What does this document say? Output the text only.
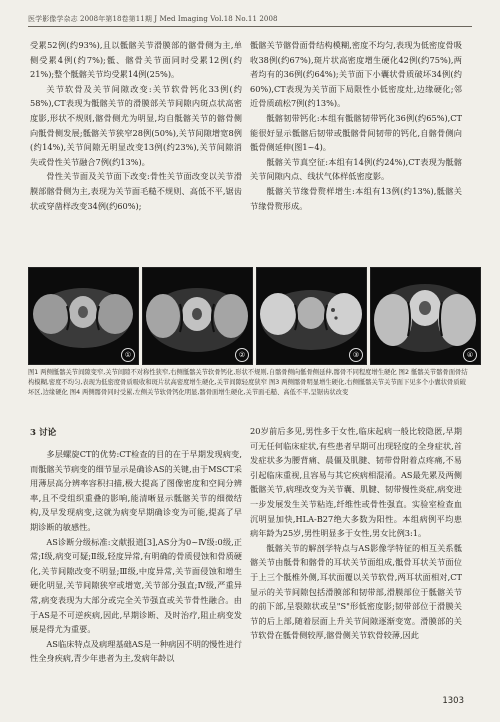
医学影像学杂志 2008年第18卷第11期 J Med Imaging Vol.18 No.11 2008

受累52例(约93%),且以骶髂关节滑膜部的髂骨侧为主,单侧受累4例(约7%);骶、髂骨关节面同时受累12例(约21%);整个骶髂关节均受累14例(25%)。

关节软骨及关节间隙改变:关节软骨钙化33例(约58%),CT表现为骶髂关节的滑膜部关节间隙内斑点状高密度影,形状不规则,髂骨侧尤为明显,均自骶髂关节的髂骨侧向骶骨侧发展;骶髂关节狭窄28例(50%),关节间隙增宽8例(约14%),关节间隙无明显改变13例(约23%),关节间隙消失或骨性关节融合7例(约13%)。

骨性关节面及关节面下改变:骨性关节面改变以关节滑膜部髂骨侧为主,表现为关节面毛糙不规则、高低不平,锯齿状或穿凿样改变34例(约60%);

骶髂关节髂骨面骨结构模糊,密度不均匀,表现为低密度骨吸收38例(约67%),斑片状高密度增生硬化42例(约75%),两者均有的36例(约64%);关节面下小囊状骨质破坏34例(约60%),CT表现为关节面下局限性小低密度灶,边缘硬化;邻近骨质疏松7例(约13%)。

骶髂韧带钙化:本组有骶髂韧带钙化36例(约65%),CT能很好显示骶髂后韧带或骶髂骨间韧带的钙化,自髂骨侧向骶骨侧延伸(图1~4)。

骶髂关节真空征:本组有14例(约24%),CT表现为骶髂关节间隙内点、线状气体样低密度影。

骶髂关节缘骨赘样增生:本组有13例(约13%),骶髂关节缘骨赘形成。

①	②	③	④
图1 两侧骶髂关节间隙变窄,关节间隙不对称性狭窄,右侧骶髂关节软骨钙化,形状不规则,自髂骨侧向骶骨侧延伸,髂骨不同程度增生硬化 图2 骶髂关节髂骨面骨结构模糊,密度不均匀,表现为低密度骨质吸收和斑片状高密度增生硬化,关节间隙轻度狭窄 图3 两侧髂骨明显增生硬化,右侧骶髂关节关节面下见多个小囊状骨质破坏区,边缘硬化 图4 两侧髂骨同时受累,左侧关节软骨钙化明显,髂骨面增生硬化,关节面毛糙、高低不平,呈锯齿状改变
3 讨论

多层螺旋CT的优势:CT检查的目的在于早期发现病变,而骶髂关节病变的细节显示是确诊AS的关键,由于MSCT采用薄层高分辨率容积扫描,极大提高了图像密度和空间分辨率,且不受组织重叠的影响,能清晰显示骶髂关节的细微结构,及早发现病变,这就为病变早期确诊变为可能,提高了早期诊断的敏感性。

AS诊断分级标准:文献报道[3],AS分为0~Ⅳ级:0级,正常;Ⅰ级,病变可疑;Ⅱ级,轻度异常,有明确的骨质侵蚀和骨质硬化,关节间隙改变不明显;Ⅲ级,中度异常,关节面侵蚀和增生硬化明显,关节间隙狭窄或增宽,关节部分强直;Ⅳ级,严重异常,病变表现为大部分或完全关节强直或关节骨性融合。由于AS是不可逆疾病,因此,早期诊断、及时治疗,阻止病变发展是得尤为重要。

AS临床特点及病理基础AS是一种病因不明的慢性进行性全身疾病,青少年患者为主,发病年龄以

20岁前后多见,男性多于女性,临床起病一般比较隐匿,早期可无任何临床症状,有些患者早期可出现轻度的全身症状,首发症状多为腰背痛、晨僵及肌腱、韧带骨附着点疼痛,不易引起临床重视,且容易与其它疾病相混淆。AS最先累及两侧骶髂关节,病理改变为关节囊、肌腱、韧带慢性炎症,病变进一步发展发生关节粘连,纤维性或骨性强直。实验室检查血沉明显加快,HLA-B27绝大多数为阳性。本组病例平均患病年龄为25岁,男性明显多于女性,男女比例3:1。

骶髂关节的解剖学特点与AS影像学特征的相互关系骶髂关节由骶骨和髂骨的耳状关节面组成,骶骨耳状关节面位于上三个骶椎外侧,耳状面覆以关节软骨,两耳状面相对,CT显示的关节间隙包括滑膜部和韧带部,滑膜部位于骶髂关节的前下部,呈裂隙状或呈"S"形低密度影;韧带部位于滑膜关节的后上部,随着层面上升关节间隙逐渐变宽。滑膜部的关节软骨在骶骨侧较厚,髂骨侧关节软骨较薄,因此

1303
